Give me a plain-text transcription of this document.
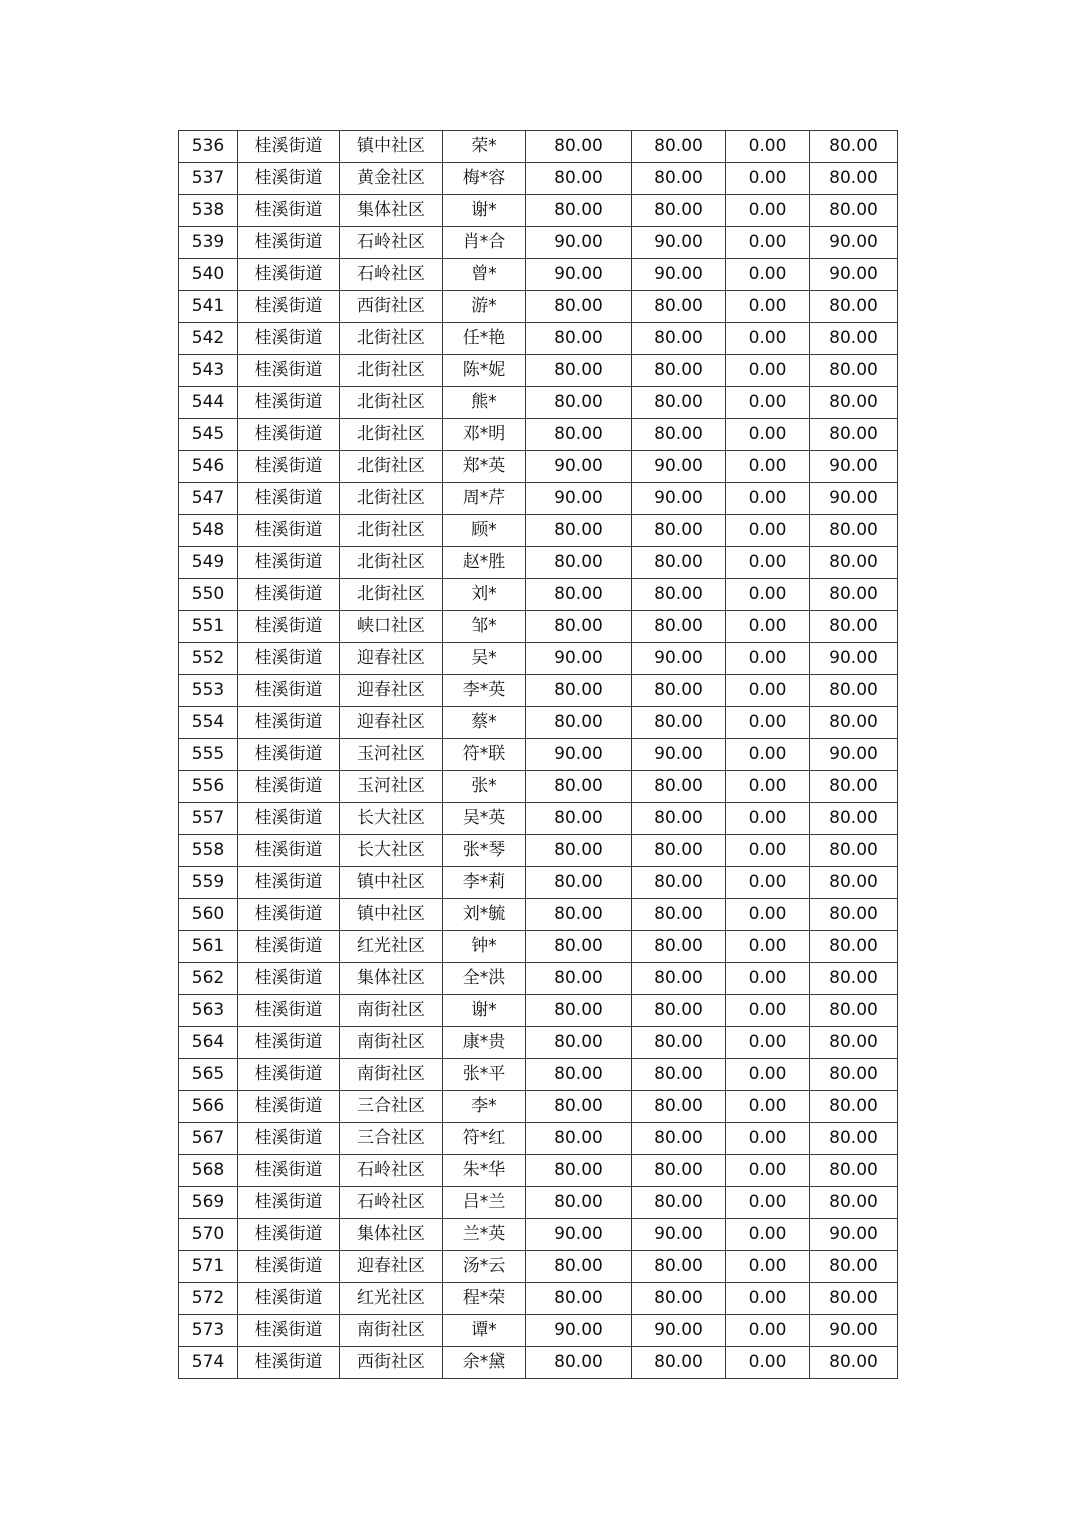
536	桂溪街道	镇中社区	荣*	80.00	80.00	0.00	80.00
537	桂溪街道	黄金社区	梅*容	80.00	80.00	0.00	80.00
538	桂溪街道	集体社区	谢*	80.00	80.00	0.00	80.00
539	桂溪街道	石岭社区	肖*合	90.00	90.00	0.00	90.00
540	桂溪街道	石岭社区	曾*	90.00	90.00	0.00	90.00
541	桂溪街道	西街社区	游*	80.00	80.00	0.00	80.00
542	桂溪街道	北街社区	任*艳	80.00	80.00	0.00	80.00
543	桂溪街道	北街社区	陈*妮	80.00	80.00	0.00	80.00
544	桂溪街道	北街社区	熊*	80.00	80.00	0.00	80.00
545	桂溪街道	北街社区	邓*明	80.00	80.00	0.00	80.00
546	桂溪街道	北街社区	郑*英	90.00	90.00	0.00	90.00
547	桂溪街道	北街社区	周*芹	90.00	90.00	0.00	90.00
548	桂溪街道	北街社区	顾*	80.00	80.00	0.00	80.00
549	桂溪街道	北街社区	赵*胜	80.00	80.00	0.00	80.00
550	桂溪街道	北街社区	刘*	80.00	80.00	0.00	80.00
551	桂溪街道	峡口社区	邹*	80.00	80.00	0.00	80.00
552	桂溪街道	迎春社区	吴*	90.00	90.00	0.00	90.00
553	桂溪街道	迎春社区	李*英	80.00	80.00	0.00	80.00
554	桂溪街道	迎春社区	蔡*	80.00	80.00	0.00	80.00
555	桂溪街道	玉河社区	符*联	90.00	90.00	0.00	90.00
556	桂溪街道	玉河社区	张*	80.00	80.00	0.00	80.00
557	桂溪街道	长大社区	吴*英	80.00	80.00	0.00	80.00
558	桂溪街道	长大社区	张*琴	80.00	80.00	0.00	80.00
559	桂溪街道	镇中社区	李*莉	80.00	80.00	0.00	80.00
560	桂溪街道	镇中社区	刘*毓	80.00	80.00	0.00	80.00
561	桂溪街道	红光社区	钟*	80.00	80.00	0.00	80.00
562	桂溪街道	集体社区	全*洪	80.00	80.00	0.00	80.00
563	桂溪街道	南街社区	谢*	80.00	80.00	0.00	80.00
564	桂溪街道	南街社区	康*贵	80.00	80.00	0.00	80.00
565	桂溪街道	南街社区	张*平	80.00	80.00	0.00	80.00
566	桂溪街道	三合社区	李*	80.00	80.00	0.00	80.00
567	桂溪街道	三合社区	符*红	80.00	80.00	0.00	80.00
568	桂溪街道	石岭社区	朱*华	80.00	80.00	0.00	80.00
569	桂溪街道	石岭社区	吕*兰	80.00	80.00	0.00	80.00
570	桂溪街道	集体社区	兰*英	90.00	90.00	0.00	90.00
571	桂溪街道	迎春社区	汤*云	80.00	80.00	0.00	80.00
572	桂溪街道	红光社区	程*荣	80.00	80.00	0.00	80.00
573	桂溪街道	南街社区	谭*	90.00	90.00	0.00	90.00
574	桂溪街道	西街社区	余*黛	80.00	80.00	0.00	80.00
